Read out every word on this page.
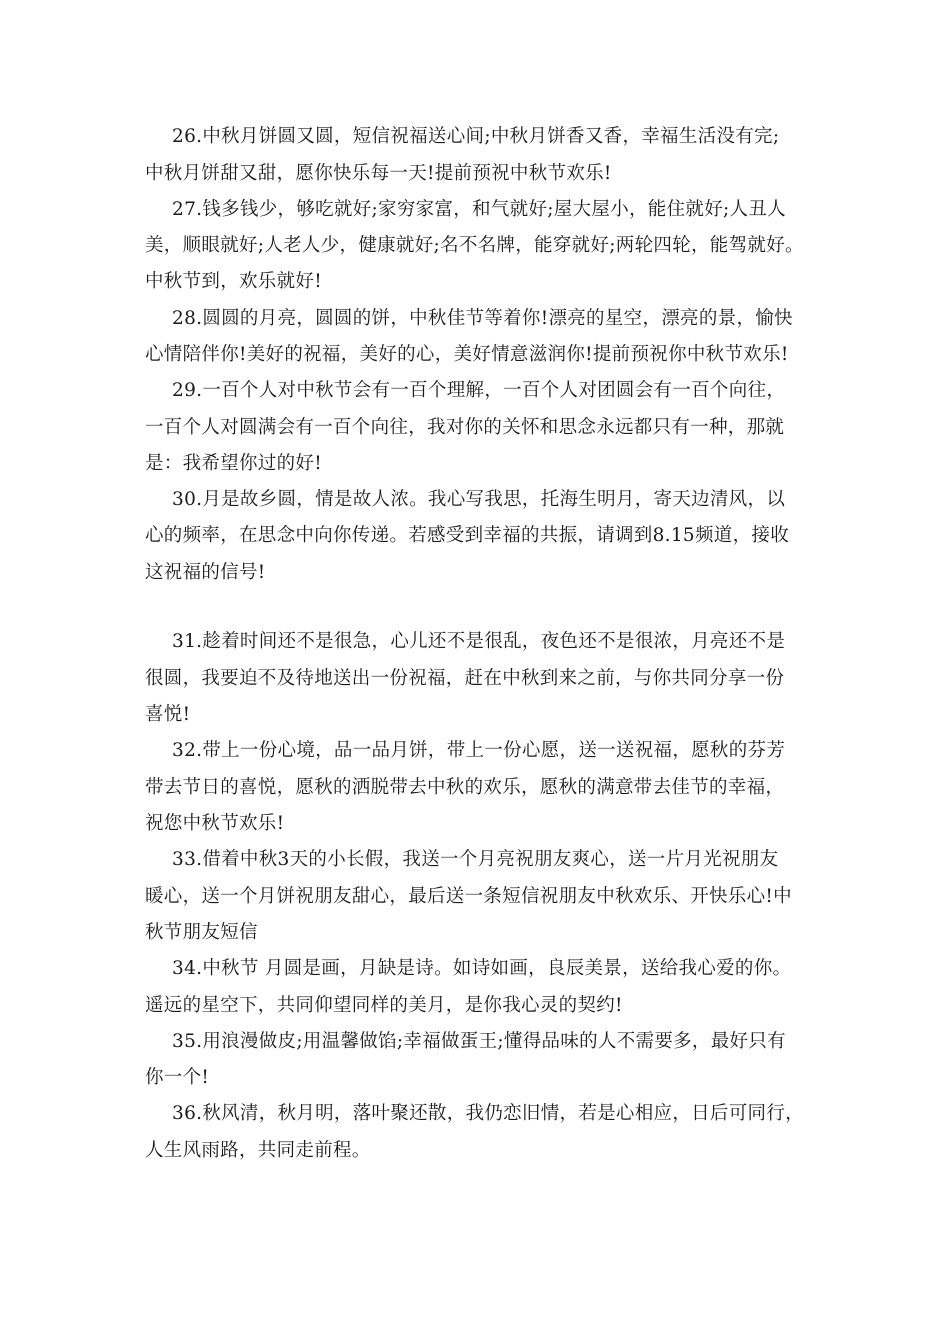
26.中秋月饼圆又圆，短信祝福送心间;中秋月饼香又香，幸福生活没有完;
中秋月饼甜又甜，愿你快乐每一天!提前预祝中秋节欢乐!
27.钱多钱少，够吃就好;家穷家富，和气就好;屋大屋小，能住就好;人丑人
美，顺眼就好;人老人少，健康就好;名不名牌，能穿就好;两轮四轮，能驾就好。
中秋节到，欢乐就好!
28.圆圆的月亮，圆圆的饼，中秋佳节等着你!漂亮的星空，漂亮的景，愉快
心情陪伴你!美好的祝福，美好的心，美好情意滋润你!提前预祝你中秋节欢乐!
29.一百个人对中秋节会有一百个理解，一百个人对团圆会有一百个向往，
一百个人对圆满会有一百个向往，我对你的关怀和思念永远都只有一种，那就
是：我希望你过的好!
30.月是故乡圆，情是故人浓。我心写我思，托海生明月，寄天边清风，以
心的频率，在思念中向你传递。若感受到幸福的共振，请调到8.15频道，接收
这祝福的信号!
31.趁着时间还不是很急，心儿还不是很乱，夜色还不是很浓，月亮还不是
很圆，我要迫不及待地送出一份祝福，赶在中秋到来之前，与你共同分享一份
喜悦!
32.带上一份心境，品一品月饼，带上一份心愿，送一送祝福，愿秋的芬芳
带去节日的喜悦，愿秋的洒脱带去中秋的欢乐，愿秋的满意带去佳节的幸福，
祝您中秋节欢乐!
33.借着中秋3天的小长假，我送一个月亮祝朋友爽心，送一片月光祝朋友
暖心，送一个月饼祝朋友甜心，最后送一条短信祝朋友中秋欢乐、开快乐心!中
秋节朋友短信
34.中秋节 月圆是画，月缺是诗。如诗如画，良辰美景，送给我心爱的你。
遥远的星空下，共同仰望同样的美月，是你我心灵的契约!
35.用浪漫做皮;用温馨做馅;幸福做蛋王;懂得品味的人不需要多，最好只有
你一个!
36.秋风清，秋月明，落叶聚还散，我仍恋旧情，若是心相应，日后可同行，
人生风雨路，共同走前程。
